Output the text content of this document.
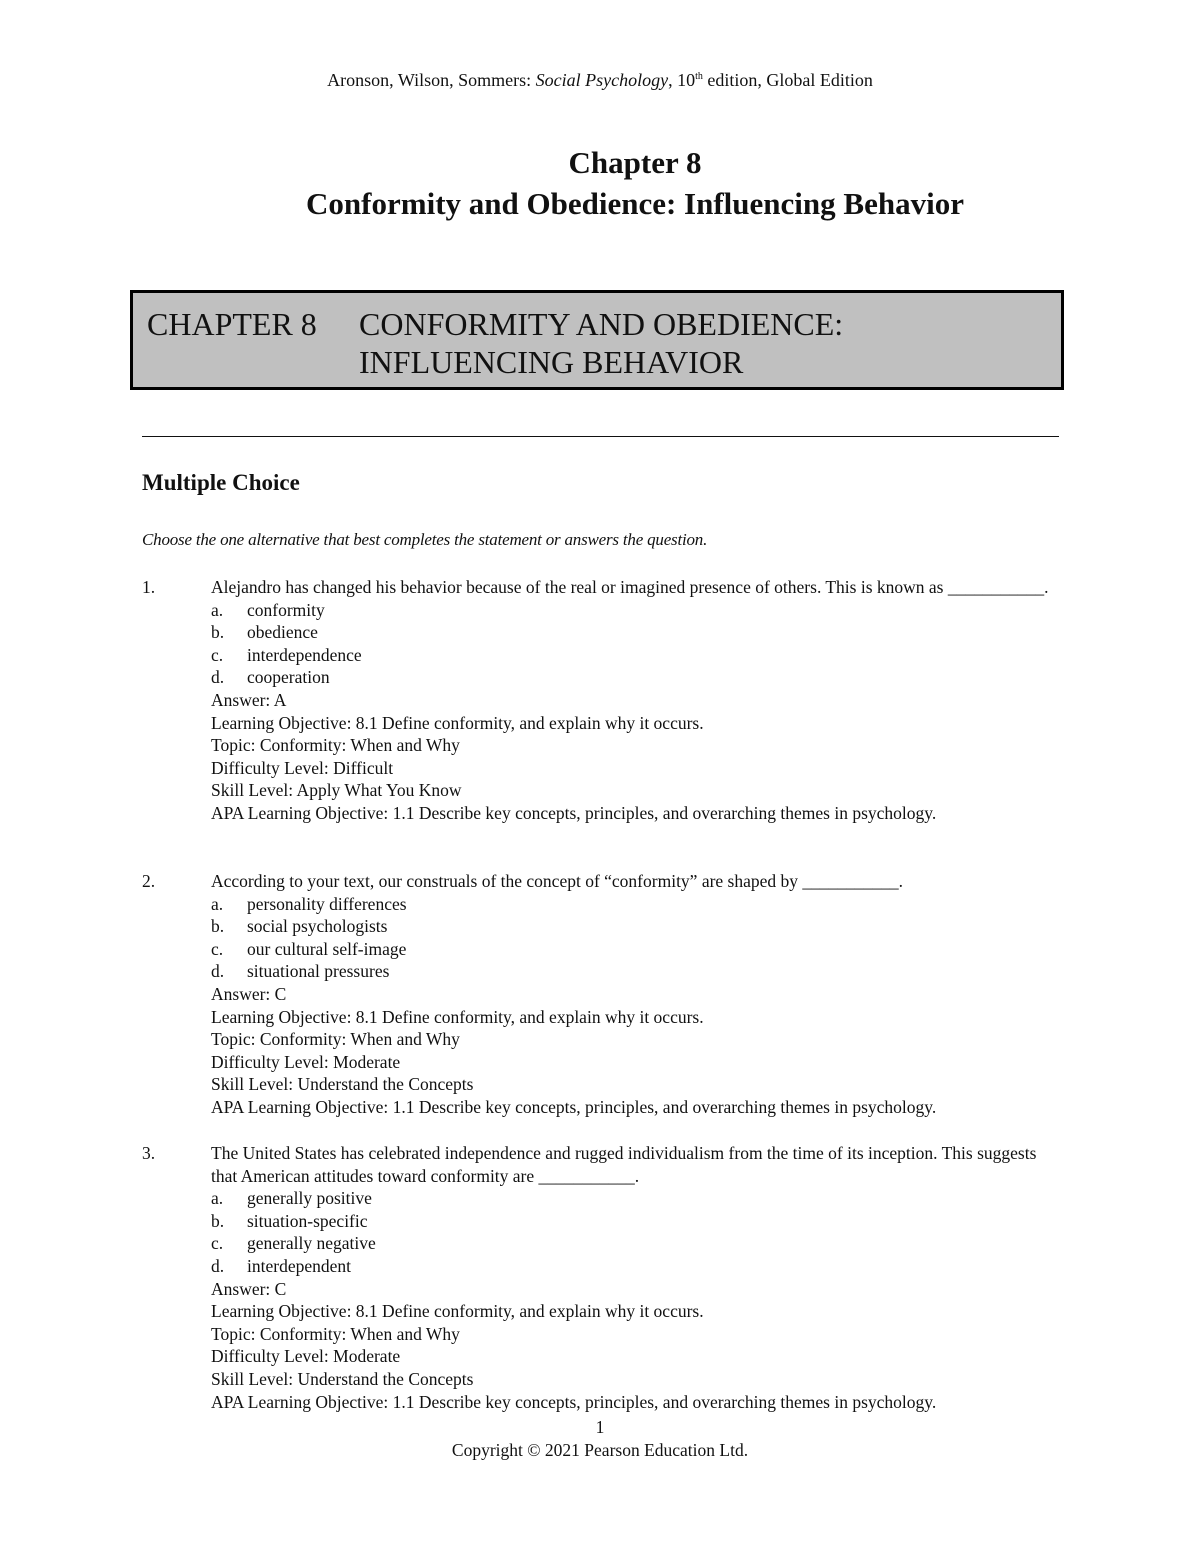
Aronson, Wilson, Sommers: Social Psychology, 10th edition, Global Edition
Chapter 8
Conformity and Obedience: Influencing Behavior
CHAPTER 8 CONFORMITY AND OBEDIENCE: INFLUENCING BEHAVIOR
Multiple Choice
Choose the one alternative that best completes the statement or answers the question.
1.	Alejandro has changed his behavior because of the real or imagined presence of others. This is known as ___________.
a.	conformity
b.	obedience
c.	interdependence
d.	cooperation
Answer: A
Learning Objective: 8.1 Define conformity, and explain why it occurs.
Topic: Conformity: When and Why
Difficulty Level: Difficult
Skill Level: Apply What You Know
APA Learning Objective: 1.1 Describe key concepts, principles, and overarching themes in psychology.
2.	According to your text, our construals of the concept of “conformity” are shaped by ___________.
a.	personality differences
b.	social psychologists
c.	our cultural self-image
d.	situational pressures
Answer: C
Learning Objective: 8.1 Define conformity, and explain why it occurs.
Topic: Conformity: When and Why
Difficulty Level: Moderate
Skill Level: Understand the Concepts
APA Learning Objective: 1.1 Describe key concepts, principles, and overarching themes in psychology.
3.	The United States has celebrated independence and rugged individualism from the time of its inception. This suggests that American attitudes toward conformity are ___________.
a.	generally positive
b.	situation-specific
c.	generally negative
d.	interdependent
Answer: C
Learning Objective: 8.1 Define conformity, and explain why it occurs.
Topic: Conformity: When and Why
Difficulty Level: Moderate
Skill Level: Understand the Concepts
APA Learning Objective: 1.1 Describe key concepts, principles, and overarching themes in psychology.
1
Copyright © 2021 Pearson Education Ltd.
